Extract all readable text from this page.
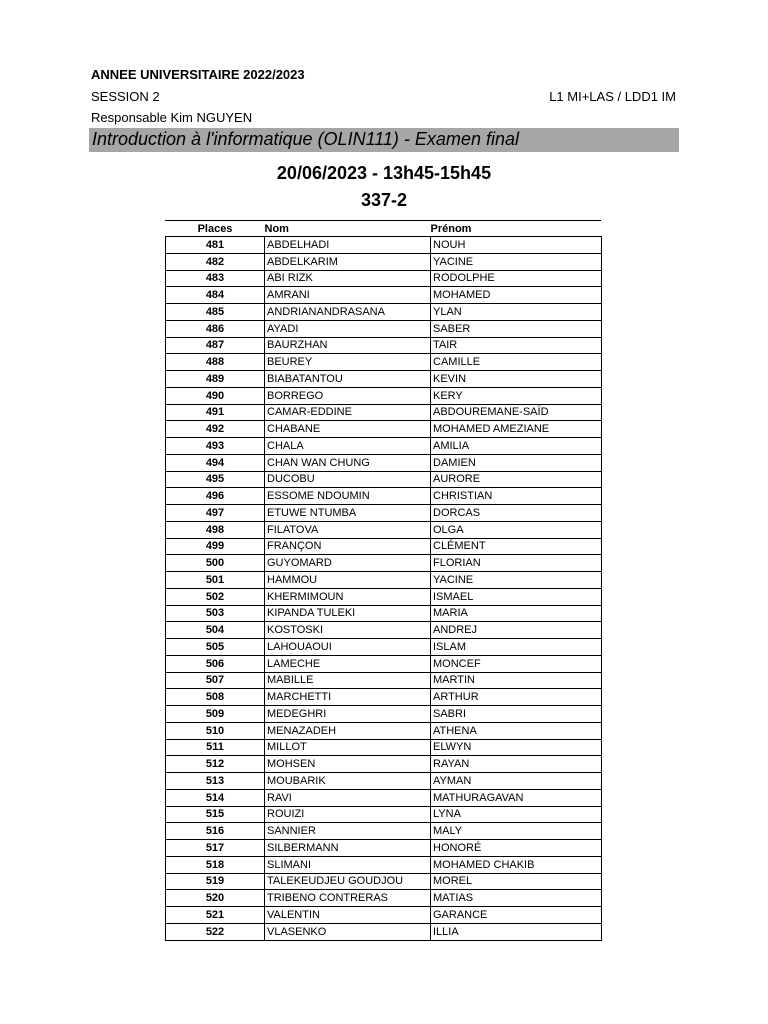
ANNEE UNIVERSITAIRE 2022/2023
SESSION 2
Responsable Kim NGUYEN
L1 MI+LAS / LDD1 IM
Introduction à l'informatique (OLIN111) - Examen final
20/06/2023 - 13h45-15h45
337-2
Places	Nom	Prénom
481	ABDELHADI	NOUH
482	ABDELKARIM	YACINE
483	ABI RIZK	RODOLPHE
484	AMRANI	MOHAMED
485	ANDRIANANDRASANA	YLAN
486	AYADI	SABER
487	BAURZHAN	TAIR
488	BEUREY	CAMILLE
489	BIABATANTOU	KEVIN
490	BORREGO	KERY
491	CAMAR-EDDINE	ABDOUREMANE-SAÏD
492	CHABANE	MOHAMED AMEZIANE
493	CHALA	AMILIA
494	CHAN WAN CHUNG	DAMIEN
495	DUCOBU	AURORE
496	ESSOME NDOUMIN	CHRISTIAN
497	ETUWE NTUMBA	DORCAS
498	FILATOVA	OLGA
499	FRANÇON	CLÉMENT
500	GUYOMARD	FLORIAN
501	HAMMOU	YACINE
502	KHERMIMOUN	ISMAEL
503	KIPANDA TULEKI	MARIA
504	KOSTOSKI	ANDREJ
505	LAHOUAOUI	ISLAM
506	LAMECHE	MONCEF
507	MABILLE	MARTIN
508	MARCHETTI	ARTHUR
509	MEDEGHRI	SABRI
510	MENAZADEH	ATHENA
511	MILLOT	ELWYN
512	MOHSEN	RAYAN
513	MOUBARIK	AYMAN
514	RAVI	MATHURAGAVAN
515	ROUIZI	LYNA
516	SANNIER	MALY
517	SILBERMANN	HONORÉ
518	SLIMANI	MOHAMED CHAKIB
519	TALEKEUDJEU GOUDJOU	MOREL
520	TRIBENO CONTRERAS	MATIAS
521	VALENTIN	GARANCE
522	VLASENKO	ILLIA
